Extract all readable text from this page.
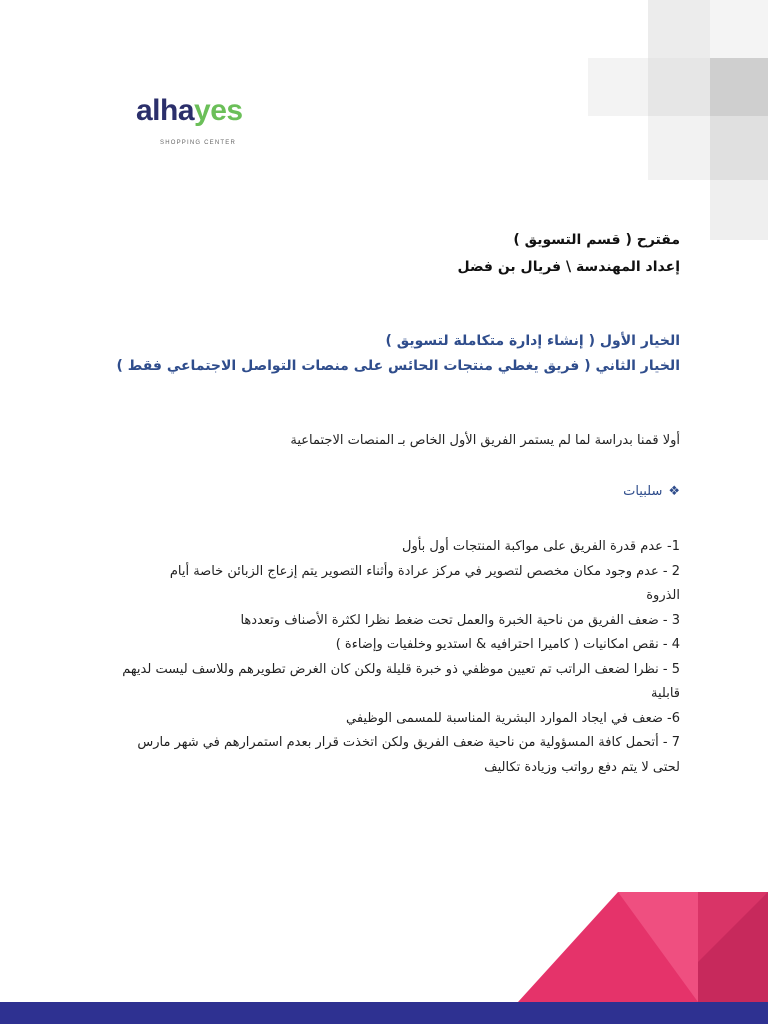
alhayes
SHOPPING CENTER
مقترح ( قسم التسويق )
إعداد المهندسة \ فريال بن فضل
الخيار الأول ( إنشاء إدارة متكاملة لتسويق )
الخيار الثاني ( فريق يغطي منتجات الحائس على منصات التواصل الاجتماعي فقط )
أولا قمنا بدراسة لما لم يستمر الفريق الأول الخاص بـ المنصات الاجتماعية
❖سلبيات
1- عدم قدرة الفريق على مواكبة المنتجات أول بأول
2 - عدم وجود مكان مخصص لتصوير في مركز عرادة وأثناء التصوير يتم إزعاج الزبائن خاصة أيام
الذروة
3 - ضعف الفريق من ناحية الخبرة والعمل تحت ضغط نظرا لكثرة الأصناف وتعددها
4 - نقص امكانيات ( كاميرا احترافيه & استديو وخلفيات وإضاءة )
5 - نظرا لضعف الراتب تم تعيين موظفي ذو خبرة قليلة ولكن كان الغرض تطويرهم وللاسف ليست لديهم
قابلية
6- ضعف في ايجاد الموارد البشرية المناسبة للمسمى الوظيفي
7 - أتحمل كافة المسؤولية من ناحية ضعف الفريق ولكن اتخذت قرار بعدم استمرارهم في شهر مارس
لحتى لا يتم دفع رواتب وزيادة تكاليف
